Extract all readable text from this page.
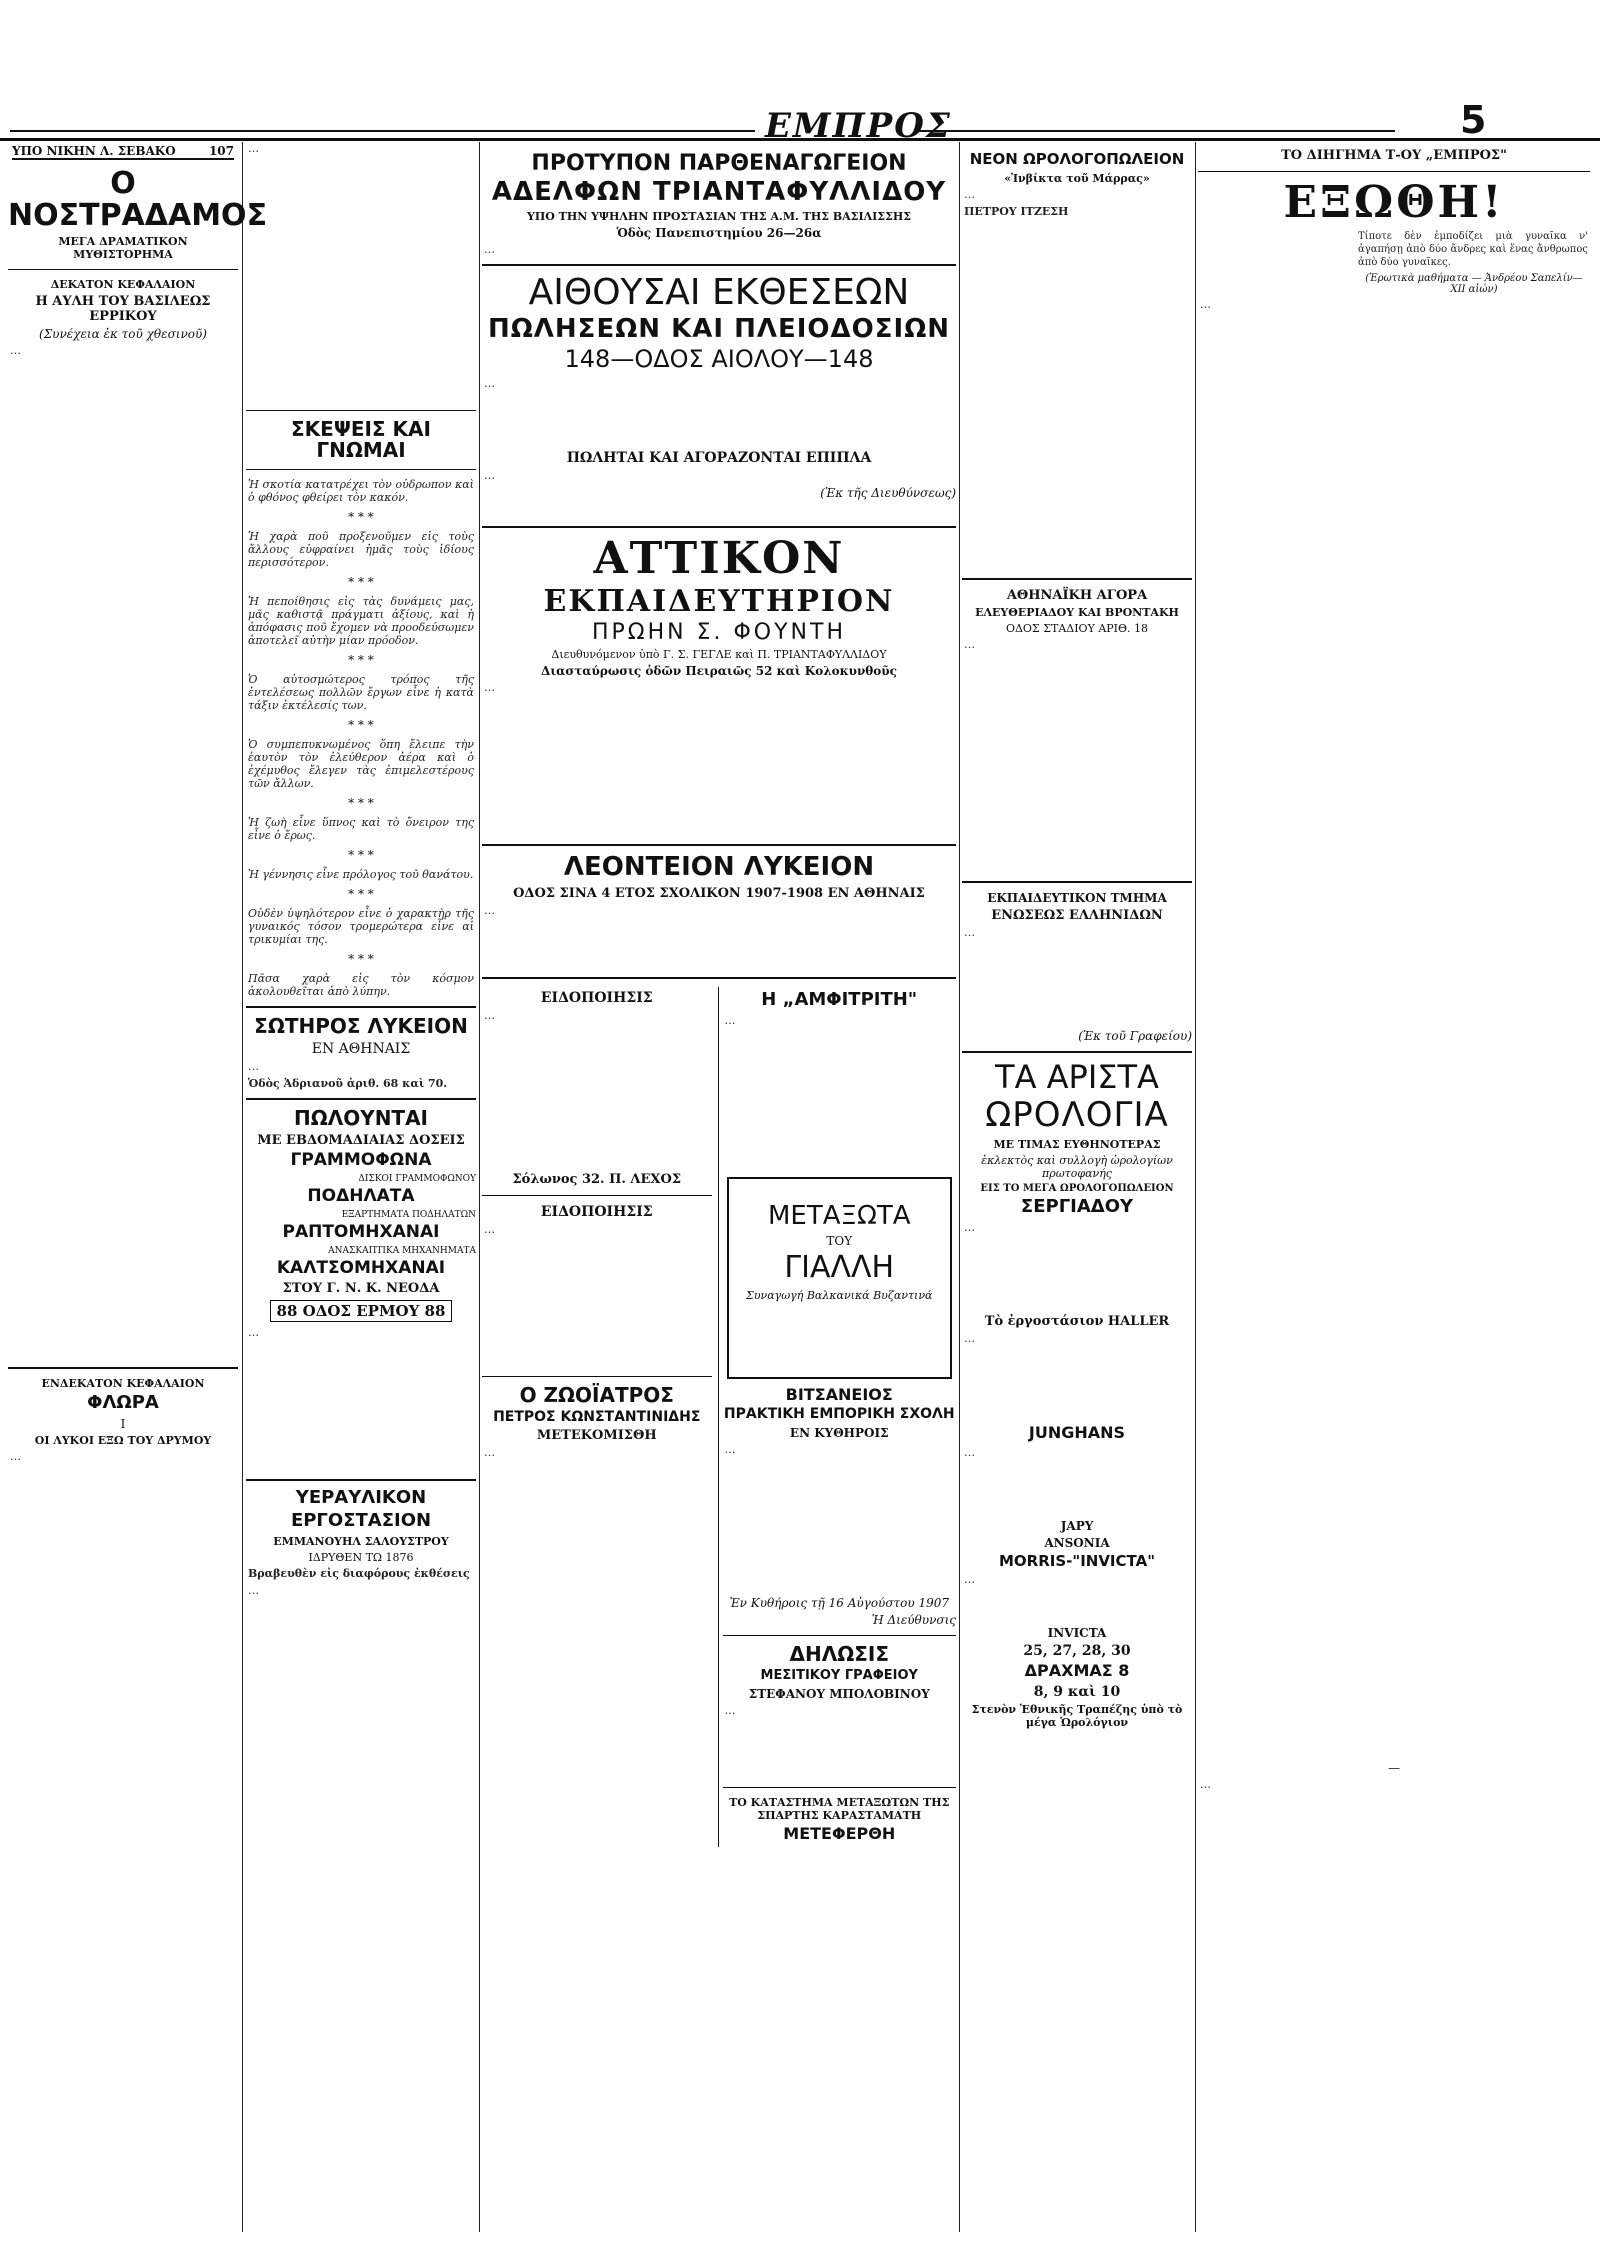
ΕΜΠΡΟΣ	5
ΥΠΟ ΝΙΚΗΝ Λ. ΣΕΒΑΚΟ	107
Ο ΝΟΣΤΡΑΔΑΜΟΣ
ΜΕΓΑ ΔΡΑΜΑΤΙΚΟΝ ΜΥΘΙΣΤΟΡΗΜΑ
ΔΕΚΑΤΟΝ ΚΕΦΑΛΑΙΟΝ
Η ΑΥΛΗ ΤΟΥ ΒΑΣΙΛΕΩΣ ΕΡΡΙΚΟΥ
(Συνέχεια ἐκ τοῦ χθεσινοῦ)
…
ΕΝΔΕΚΑΤΟΝ ΚΕΦΑΛΑΙΟΝ
ΦΛΩΡΑ
I
ΟΙ ΛΥΚΟΙ ΕΞΩ ΤΟΥ ΔΡΥΜΟΥ
…
…
ΣΚΕΨΕΙΣ ΚΑΙ ΓΝΩΜΑΙ
Ἡ σκοτία κατατρέχει τὸν οὐδρωπον καὶ ὁ φθόνος φθείρει τὸν κακόν.
* * *
Ἡ χαρὰ ποῦ προξενοῦμεν εἰς τοὺς ἄλλους εὐφραίνει ἡμᾶς τοὺς ἰδίους περισσότερον.
* * *
Ἡ πεποίθησις εἰς τὰς δυνάμεις μας, μᾶς καθιστᾷ πράγματι ἀξίους, καὶ ἡ ἀπόφασις ποῦ ἔχομεν νὰ προοδεύσωμεν ἀποτελεῖ αὐτὴν μίαν πρόοδον.
* * *
Ὁ αὐτοσμώτερος τρόπος τῆς ἐντελέσεως πολλῶν ἔργων εἶνε ἡ κατὰ τάξιν ἐκτέλεσίς των.
* * *
Ὁ συμπεπυκνωμένος ὅπη ἔλειπε τὴν ἑαυτὸν τὸν ἐλεύθερον ἀέρα καὶ ὁ ἐχέμυθος ἔλεγεν τὰς ἐπιμελεστέρους τῶν ἄλλων.
* * *
Ἡ ζωὴ εἶνε ὕπνος καὶ τὸ ὄνειρον της εἶνε ὁ ἔρως.
* * *
Ἡ γέννησις εἶνε πρόλογος τοῦ θανάτου.
* * *
Οὐδὲν ὑψηλότερον εἶνε ὁ χαρακτὴρ τῆς γυναικός τόσον τρομερώτερα εἶνε αἱ τρικυμίαι της.
* * *
Πᾶσα χαρὰ εἰς τὸν κόσμον ἀκολουθεῖται ἀπὸ λύπην.
ΣΩΤΗΡΟΣ ΛΥΚΕΙΟΝ
ΕΝ ΑΘΗΝΑΙΣ
…
Ὁδὸς Ἀδριανοῦ ἀριθ. 68 καὶ 70.
ΠΩΛΟΥΝΤΑΙ
ΜΕ ΕΒΔΟΜΑΔΙΑΙΑΣ ΔΟΣΕΙΣ
ΓΡΑΜΜΟΦΩΝΑ
ΔΙΣΚΟΙ ΓΡΑΜΜΟΦΩΝΟΥ
ΠΟΔΗΛΑΤΑ
ΕΞΑΡΤΗΜΑΤΑ ΠΟΔΗΛΑΤΩΝ
ΡΑΠΤΟΜΗΧΑΝΑΙ
ΑΝΑΣΚΑΠΤΙΚΑ ΜΗΧΑΝΗΜΑΤΑ
ΚΑΛΤΣΟΜΗΧΑΝΑΙ
ΣΤΟΥ Γ. Ν. Κ. ΝΕΟΔΑ
88 ΟΔΟΣ ΕΡΜΟΥ 88
…
ΥΕΡΑΥΛΙΚΟΝ
ΕΡΓΟΣΤΑΣΙΟΝ
ΕΜΜΑΝΟΥΗΛ ΣΑΛΟΥΣΤΡΟΥ
ΙΔΡΥΘΕΝ ΤΩ 1876
Βραβευθὲν εἰς διαφόρους ἐκθέσεις
…
ΠΡΟΤΥΠΟΝ ΠΑΡΘΕΝΑΓΩΓΕΙΟΝ
ΑΔΕΛΦΩΝ ΤΡΙΑΝΤΑΦΥΛΛΙΔΟΥ
ΥΠΟ ΤΗΝ ΥΨΗΛΗΝ ΠΡΟΣΤΑΣΙΑΝ ΤΗΣ Α.Μ. ΤΗΣ ΒΑΣΙΛΙΣΣΗΣ
Ὁδὸς Πανεπιστημίου 26—26α
…
ΑΙΘΟΥΣΑΙ ΕΚΘΕΣΕΩΝ
ΠΩΛΗΣΕΩΝ ΚΑΙ ΠΛΕΙΟΔΟΣΙΩΝ
148—ΟΔΟΣ ΑΙΟΛΟΥ—148
…
ΠΩΛΗΤΑΙ ΚΑΙ ΑΓΟΡΑΖΟΝΤΑΙ ΕΠΙΠΛΑ
…
(Ἐκ τῆς Διευθύνσεως)
ΑΤΤΙΚΟΝ
ΕΚΠΑΙΔΕΥΤΗΡΙΟΝ
ΠΡΩΗΝ Σ. ΦΟΥΝΤΗ
Διευθυνόμενον ὑπὸ Γ. Σ. ΓΕΓΛΕ καὶ Π. ΤΡΙΑΝΤΑΦΥΛΛΙΔΟΥ
Διασταύρωσις ὁδῶν Πειραιῶς 52 καὶ Κολοκυνθοῦς
…
ΛΕΟΝΤΕΙΟΝ ΛΥΚΕΙΟΝ
ΟΔΟΣ ΣΙΝΑ 4 ΕΤΟΣ ΣΧΟΛΙΚΟΝ 1907-1908 ΕΝ ΑΘΗΝΑΙΣ
…
ΕΙΔΟΠΟΙΗΣΙΣ
…
Σόλωνος 32. Π. ΛΕΧΟΣ
ΕΙΔΟΠΟΙΗΣΙΣ
…
Ο ΖΩΟΪΑΤΡΟΣ
ΠΕΤΡΟΣ ΚΩΝΣΤΑΝΤΙΝΙΔΗΣ
ΜΕΤΕΚΟΜΙΣΘΗ
…
Η „ΑΜΦΙΤΡΙΤΗ"
…
ΜΕΤΑΞΩΤΑ
ΤΟΥ
ΓΙΑΛΛΗ
Συναγωγή Βαλκανικά Βυζαντινά
ΒΙΤΣΑΝΕΙΟΣ
ΠΡΑΚΤΙΚΗ ΕΜΠΟΡΙΚΗ ΣΧΟΛΗ
ΕΝ ΚΥΘΗΡΟΙΣ
…
Ἐν Κυθήροις τῇ 16 Αὐγούστου 1907
Ἡ Διεύθυνσις
ΔΗΛΩΣΙΣ
ΜΕΣΙΤΙΚΟΥ ΓΡΑΦΕΙΟΥ
ΣΤΕΦΑΝΟΥ ΜΠΟΛΟΒΙΝΟΥ
…
ΤΟ ΚΑΤΑΣΤΗΜΑ ΜΕΤΑΞΩΤΩΝ ΤΗΣ ΣΠΑΡΤΗΣ ΚΑΡΑΣΤΑΜΑΤΗ
ΜΕΤΕΦΕΡΘΗ
ΝΕΟΝ ΩΡΟΛΟΓΟΠΩΛΕΙΟΝ
«Ἰνβίκτα τοῦ Μάρρας»
…
ΠΕΤΡΟΥ ΙΤΖΕΣΗ
ΑΘΗΝΑΪΚΗ ΑΓΟΡΑ
ΕΛΕΥΘΕΡΙΑΔΟΥ ΚΑΙ ΒΡΟΝΤΑΚΗ
ΟΔΟΣ ΣΤΑΔΙΟΥ ΑΡΙΘ. 18
…
ΕΚΠΑΙΔΕΥΤΙΚΟΝ ΤΜΗΜΑ
ΕΝΩΣΕΩΣ ΕΛΛΗΝΙΔΩΝ
…
(Ἐκ τοῦ Γραφείου)
ΤΑ ΑΡΙΣΤΑ
ΩΡΟΛΟΓΙΑ
ΜΕ ΤΙΜΑΣ ΕΥΘΗΝΟΤΕΡΑΣ
ἐκλεκτὸς καὶ συλλογὴ ὡρολογίων πρωτοφανής
ΕΙΣ ΤΟ ΜΕΓΑ ΩΡΟΛΟΓΟΠΩΛΕΙΟΝ
ΣΕΡΓΙΑΔΟΥ
…
Τὸ ἐργοστάσιον HALLER
…
JUNGHANS
…
JAPY
ANSONIA
MORRIS-"INVICTA"
…
INVICTA
25, 27, 28, 30
ΔΡΑΧΜΑΣ 8
8, 9 καὶ 10
Στενὸν Ἐθνικῆς Τραπέζης ὑπὸ τὸ μέγα Ὡρολόγιον
ΤΟ ΔΙΗΓΗΜΑ Τ-ΟΥ „ΕΜΠΡΟΣ"
ΕΞΩΘΗ!
Τίποτε δὲν ἐμποδίζει μιὰ γυναῖκα ν' ἀγαπήσῃ ἀπὸ δύο ἄνδρες καὶ ἕνας ἄνθρωπος ἀπὸ δύο γυναῖκες.
(Ἐρωτικὰ μαθήματα — Ἀνδρέου Σαπελίν— XII αἰών)
…
—
…
